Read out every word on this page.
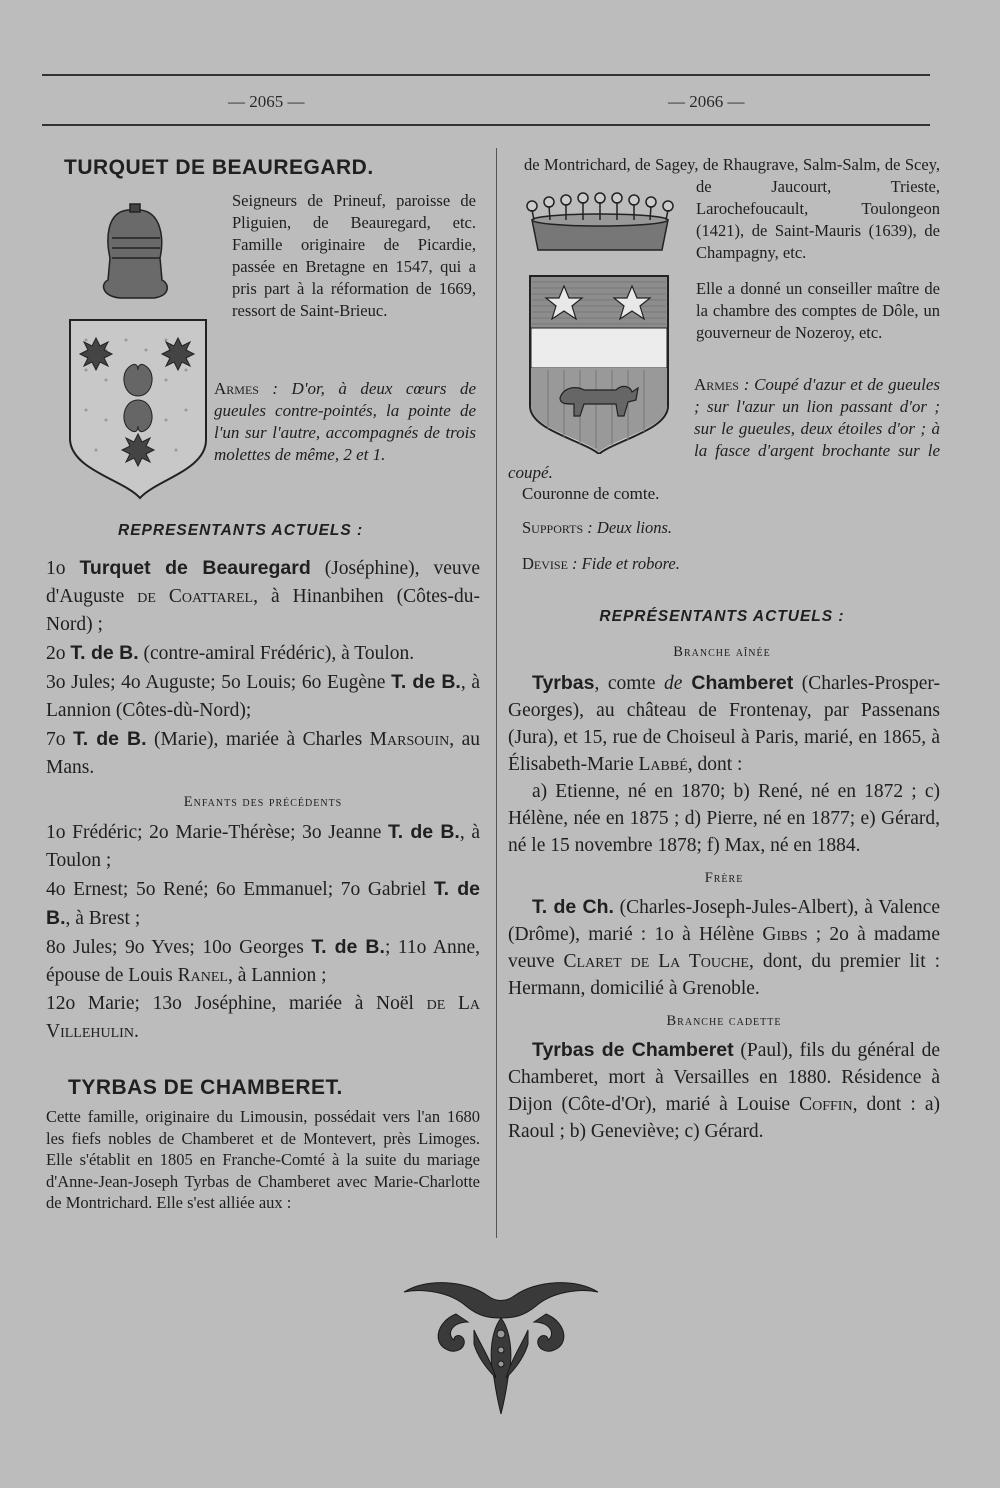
— 2065 —	— 2066 —
TURQUET DE BEAUREGARD.
Seigneurs de Prineuf, paroisse de Pliguien, de Beauregard, etc. Famille originaire de Picardie, passée en Bretagne en 1547, qui a pris part à la réformation de 1669, ressort de Saint-Brieuc.
Armes : D'or, à deux cœurs de gueules contre-pointés, la pointe de l'un sur l'autre, accompagnés de trois molettes de même, 2 et 1.
REPRESENTANTS ACTUELS :

1o Turquet de Beauregard (Joséphine), veuve d'Auguste de Coattarel, à Hinanbihen (Côtes-du-Nord) ;

2o T. de B. (contre-amiral Frédéric), à Toulon.

3o Jules; 4o Auguste; 5o Louis; 6o Eugène T. de B., à Lannion (Côtes-dù-Nord);

7o T. de B. (Marie), mariée à Charles Marsouin, au Mans.

Enfants des précédents

1o Frédéric; 2o Marie-Thérèse; 3o Jeanne T. de B., à Toulon ;

4o Ernest; 5o René; 6o Emmanuel; 7o Gabriel T. de B., à Brest ;

8o Jules; 9o Yves; 10o Georges T. de B.; 11o Anne, épouse de Louis Ranel, à Lannion ;

12o Marie; 13o Joséphine, mariée à Noël de La Villehulin.

TYRBAS DE CHAMBERET.
Cette famille, originaire du Limousin, possédait vers l'an 1680 les fiefs nobles de Chamberet et de Montevert, près Limoges. Elle s'établit en 1805 en Franche-Comté à la suite du mariage d'Anne-Jean-Joseph Tyrbas de Chamberet avec Marie-Charlotte de Montrichard. Elle s'est alliée aux :
de Montrichard, de Sagey, de Rhaugrave, Salm-Salm, de Scey, de Jaucourt, Trieste, Larochefoucault, Toulongeon (1421), de Saint-Mauris (1639), de Champagny, etc.
Elle a donné un conseiller maître de la chambre des comptes de Dôle, un gouverneur de Nozeroy, etc.
Armes : Coupé d'azur et de gueules ; sur l'azur un lion passant d'or ; sur le gueules, deux étoiles d'or ; à la fasce d'argent brochante sur le coupé.
Couronne de comte.
Supports : Deux lions.
Devise : Fide et robore.
REPRÉSENTANTS ACTUELS :
Branche aînée

Tyrbas, comte de Chamberet (Charles-Prosper-Georges), au château de Frontenay, par Passenans (Jura), et 15, rue de Choiseul à Paris, marié, en 1865, à Élisabeth-Marie Labbé, dont :

a) Etienne, né en 1870; b) René, né en 1872 ; c) Hélène, née en 1875 ; d) Pierre, né en 1877; e) Gérard, né le 15 novembre 1878; f) Max, né en 1884.

Frère

T. de Ch. (Charles-Joseph-Jules-Albert), à Valence (Drôme), marié : 1o à Hélène Gibbs ; 2o à madame veuve Claret de La Touche, dont, du premier lit : Hermann, domicilié à Grenoble.

Branche cadette

Tyrbas de Chamberet (Paul), fils du général de Chamberet, mort à Versailles en 1880. Résidence à Dijon (Côte-d'Or), marié à Louise Coffin, dont : a) Raoul ; b) Geneviève; c) Gérard.
